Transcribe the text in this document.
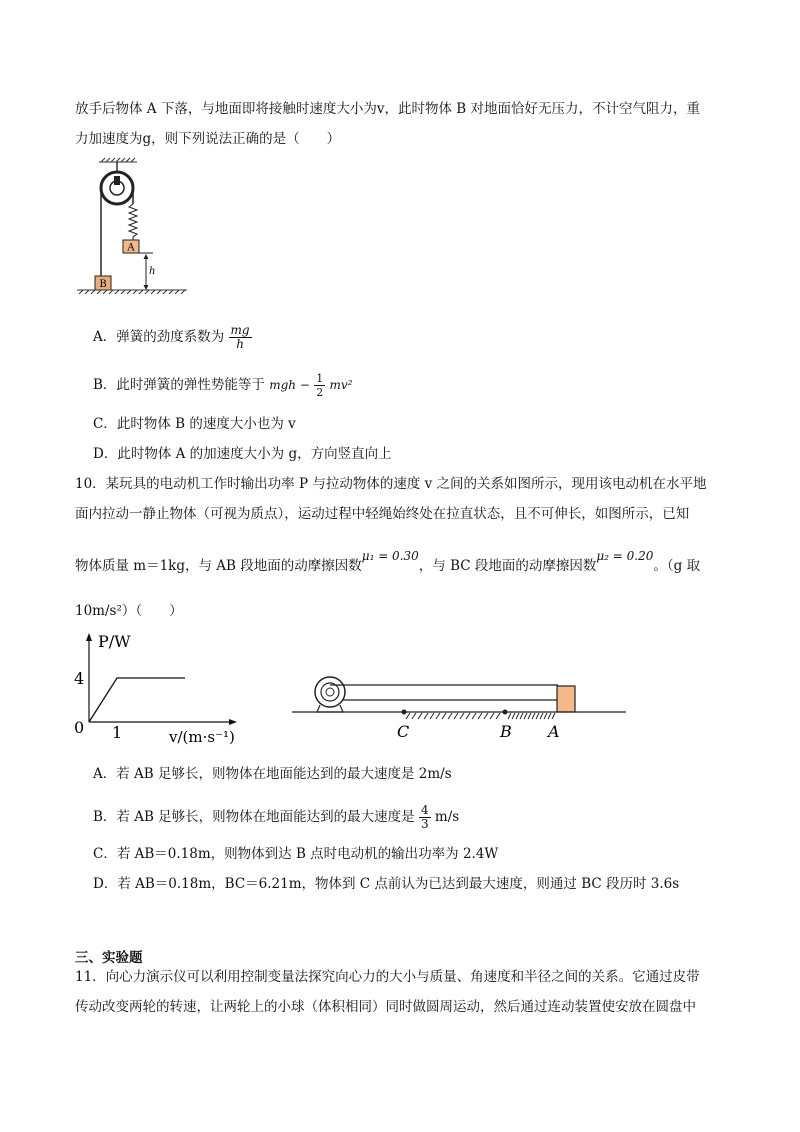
放手后物体 A 下落，与地面即将接触时速度大小为v，此时物体 B 对地面恰好无压力，不计空气阻力，重
力加速度为g，则下列说法正确的是（　　）
A
h
B
A．弹簧的劲度系数为 $\frac{mg}{h}$
B．此时弹簧的弹性势能等于 mgh − $\frac{1}{2} mv^2$
C．此时物体 B 的速度大小也为 v
D．此时物体 A 的加速度大小为 g，方向竖直向上
10．某玩具的电动机工作时输出功率 P 与拉动物体的速度 v 之间的关系如图所示，现用该电动机在水平地
面内拉动一静止物体（可视为质点），运动过程中轻绳始终处在拉直状态，且不可伸长，如图所示，已知
物体质量 m＝1kg，与 AB 段地面的动摩擦因数μ₁ = 0.30，与 BC 段地面的动摩擦因数μ₂ = 0.20。（g 取
10m/s²）（　　）
P/W
4
0 1	v/(m·s⁻¹)	C	B A
A．若 AB 足够长，则物体在地面能达到的最大速度是 2m/s
B．若 AB 足够长，则物体在地面能达到的最大速度是 $\frac{4}{3} m/s$
C．若 AB＝0.18m，则物体到达 B 点时电动机的输出功率为 2.4W
D．若 AB＝0.18m，BC＝6.21m，物体到 C 点前认为已达到最大速度，则通过 BC 段历时 3.6s
三、实验题
11．向心力演示仪可以利用控制变量法探究向心力的大小与质量、角速度和半径之间的关系。它通过皮带
传动改变两轮的转速，让两轮上的小球（体积相同）同时做圆周运动，然后通过连动装置使安放在圆盘中
